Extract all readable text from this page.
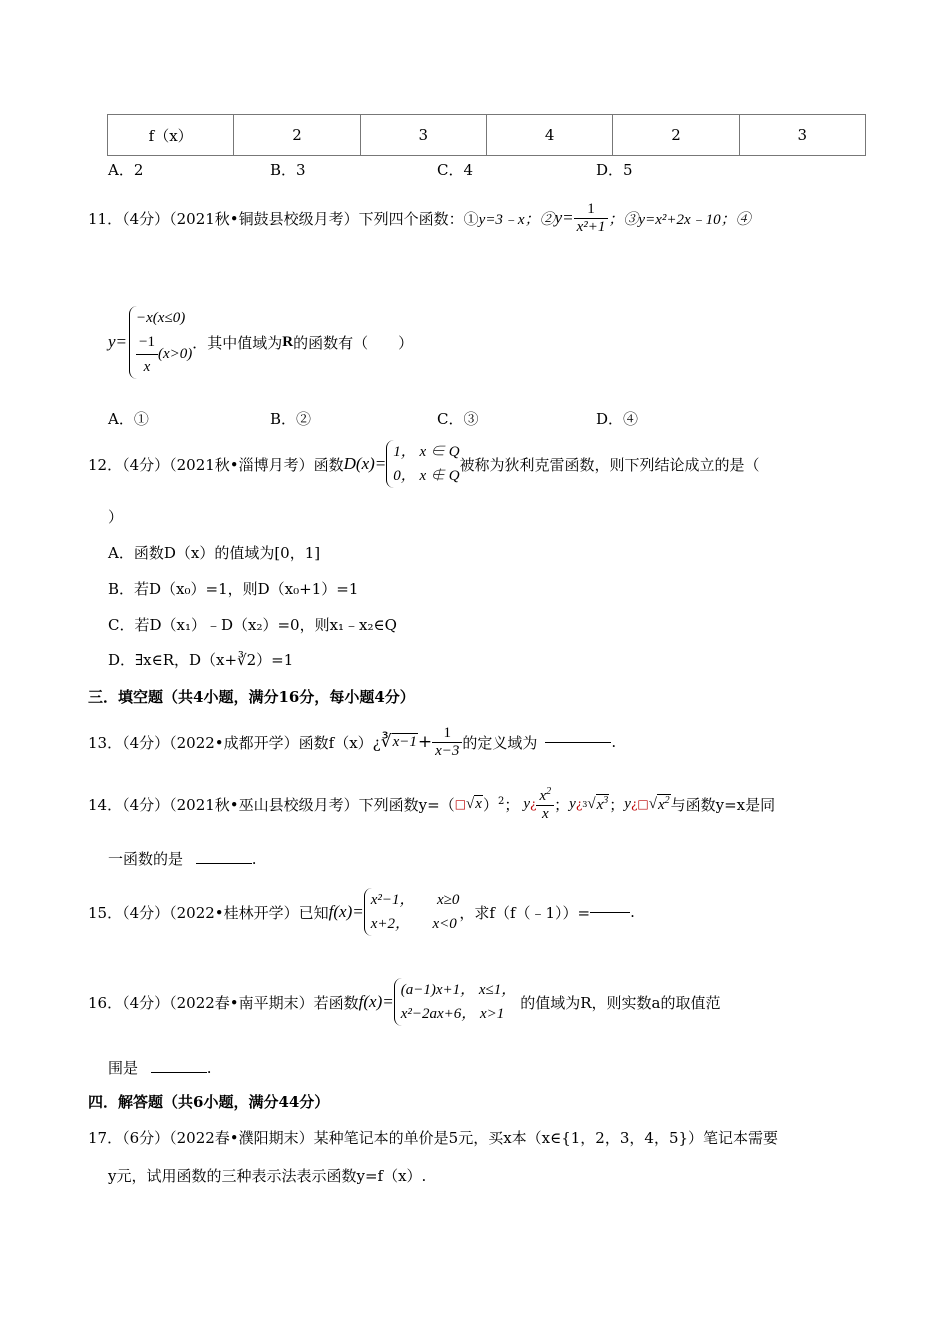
f（x）	2	3	4	2	3
A．2	B．3	C．4	D．5
11．（4分）（2021秋•铜鼓县校级月考）下列四个函数：① y=3﹣x；② $y= \frac{1}{\text{x²+1}}$ ；③y=x²+2x﹣10；④
y=
−x(x≤0)
$\frac{-1}{x} (x>0)$
．其中值域为 R 的函数有（　　）
A．①	B．②	C．③	D．④
12．（4分）（2021秋•淄博月考）函数 D(x)=
1， x ∈ Q
0， x ∉ Q
被称为狄利克雷函数，则下列结论成立的是（
）
A．函数D（x）的值域为[0，1]
B．若D（x₀）=1，则D（x₀+1）=1
C．若D（x₁）﹣D（x₂）=0，则x₁﹣x₂∈Q
D．∃x∈R，D（x+∛2）=1
三．填空题（共4小题，满分16分，每小题4分）
13．（4分）（2022•成都开学）函数f（x）¿ ∛ $x-1 + \frac{1}{x-3}$ 的定义域为	.
14．（4分）（2021秋•巫山县校级月考）下列函数y=（ □ √ x ）$^2$； y ¿ $\frac{x^2}{x}$ ； y ¿ 3 √ $x^3$ ； y ¿ □ √ $x^2$ 与函数y=x是同
一函数的是	.
15．（4分）（2022•桂林开学）已知 f(x)=
x²−1，　　x≥0
x+2，　　x<0
，求f（f（﹣1））=	.
16．（4分）（2022春•南平期末）若函数 f(x)=
(a−1)x+1， x≤1，
x²−2ax+6， x>1
的值域为R，则实数a的取值范
围是	.
四．解答题（共6小题，满分44分）
17．（6分）（2022春•濮阳期末）某种笔记本的单价是5元，买x本（x∈{1，2，3，4，5}）笔记本需要
y元，试用函数的三种表示法表示函数y=f（x）.
